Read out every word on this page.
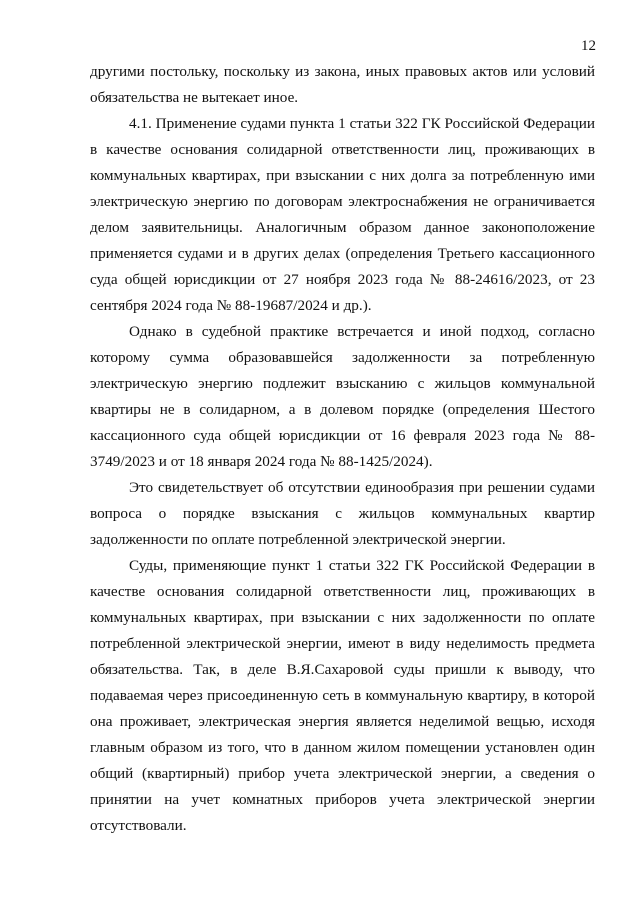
12

другими постольку, поскольку из закона, иных правовых актов или условий обязательства не вытекает иное.

4.1. Применение судами пункта 1 статьи 322 ГК Российской Федерации в качестве основания солидарной ответственности лиц, проживающих в коммунальных квартирах, при взыскании с них долга за потребленную ими электрическую энергию по договорам электроснабжения не ограничивается делом заявительницы. Аналогичным образом данное законоположение применяется судами и в других делах (определения Третьего кассационного суда общей юрисдикции от 27 ноября 2023 года № 88-24616/2023, от 23 сентября 2024 года № 88-19687/2024 и др.).

Однако в судебной практике встречается и иной подход, согласно которому сумма образовавшейся задолженности за потребленную электрическую энергию подлежит взысканию с жильцов коммунальной квартиры не в солидарном, а в долевом порядке (определения Шестого кассационного суда общей юрисдикции от 16 февраля 2023 года № 88-3749/2023 и от 18 января 2024 года № 88-1425/2024).

Это свидетельствует об отсутствии единообразия при решении судами вопроса о порядке взыскания с жильцов коммунальных квартир задолженности по оплате потребленной электрической энергии.

Суды, применяющие пункт 1 статьи 322 ГК Российской Федерации в качестве основания солидарной ответственности лиц, проживающих в коммунальных квартирах, при взыскании с них задолженности по оплате потребленной электрической энергии, имеют в виду неделимость предмета обязательства. Так, в деле В.Я.Сахаровой суды пришли к выводу, что подаваемая через присоединенную сеть в коммунальную квартиру, в которой она проживает, электрическая энергия является неделимой вещью, исходя главным образом из того, что в данном жилом помещении установлен один общий (квартирный) прибор учета электрической энергии, а сведения о принятии на учет комнатных приборов учета электрической энергии отсутствовали.
